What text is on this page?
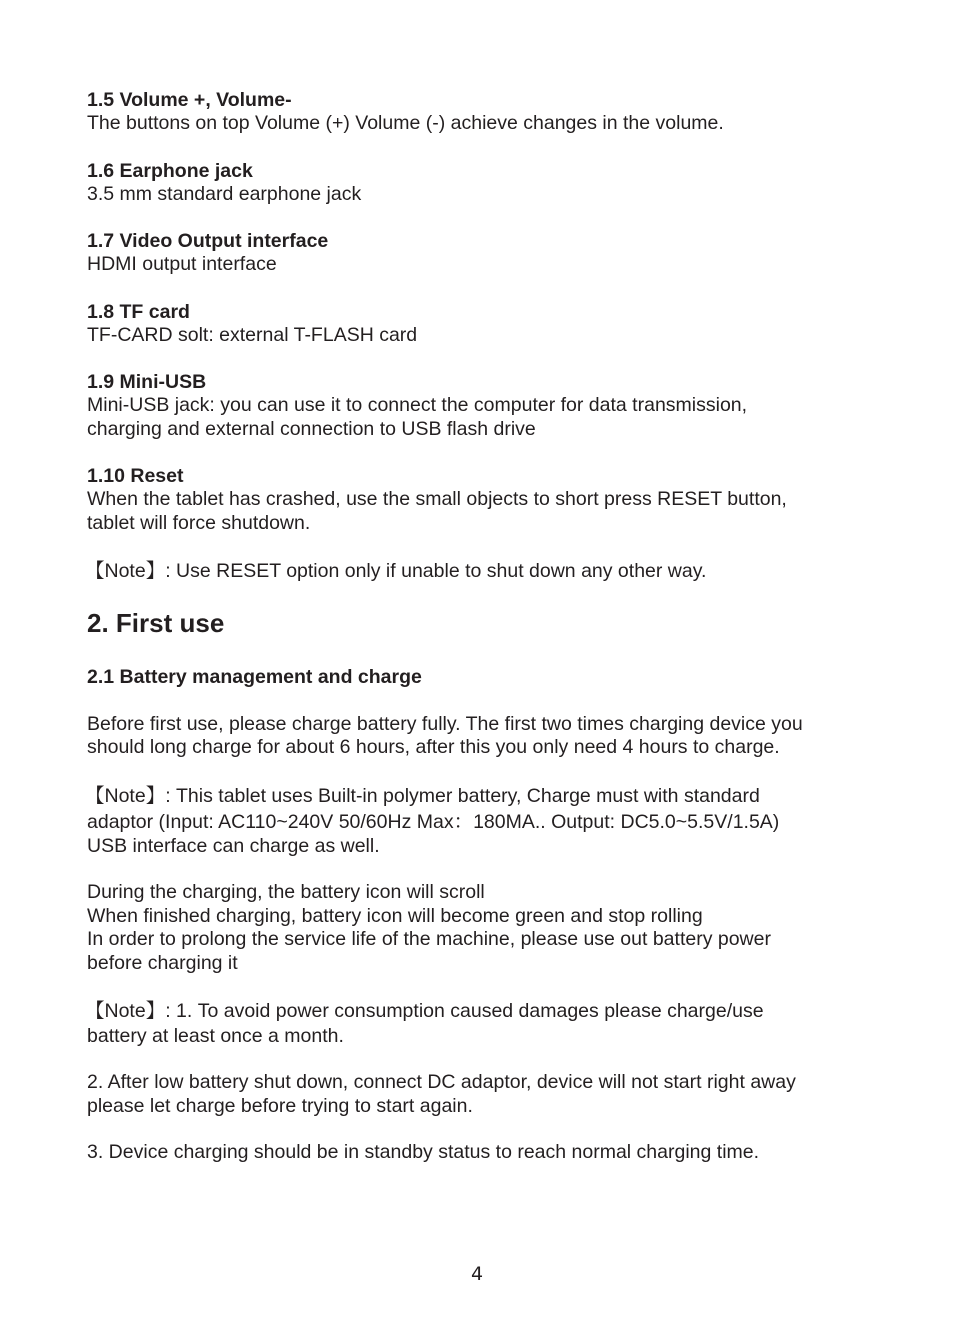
1.5 Volume +, Volume-

The buttons on top Volume (+) Volume (-) achieve changes in the volume.

1.6 Earphone jack

3.5 mm standard earphone jack

1.7 Video Output interface

HDMI output interface

1.8 TF card

TF-CARD solt: external T-FLASH card

1.9 Mini-USB

Mini-USB jack: you can use it to connect the computer for data transmission,

charging and external connection to USB flash drive

1.10 Reset

When the tablet has crashed, use the small objects to short press RESET button,

tablet will force shutdown.

【Note】: Use RESET option only if unable to shut down any other way.

2. First use

2.1 Battery management and charge

Before first use, please charge battery fully. The first two times charging device you

should long charge for about 6 hours, after this you only need 4 hours to charge.

【Note】: This tablet uses Built-in polymer battery, Charge must with standard

adaptor (Input: AC110~240V 50/60Hz Max：180MA.. Output: DC5.0~5.5V/1.5A)

USB interface can charge as well.

During the charging, the battery icon will scroll

When finished charging, battery icon will become green and stop rolling

In order to prolong the service life of the machine, please use out battery power

before charging it

【Note】: 1. To avoid power consumption caused damages please charge/use

battery at least once a month.

2. After low battery shut down, connect DC adaptor, device will not start right away

please let charge before trying to start again.

3. Device charging should be in standby status to reach normal charging time.

4
